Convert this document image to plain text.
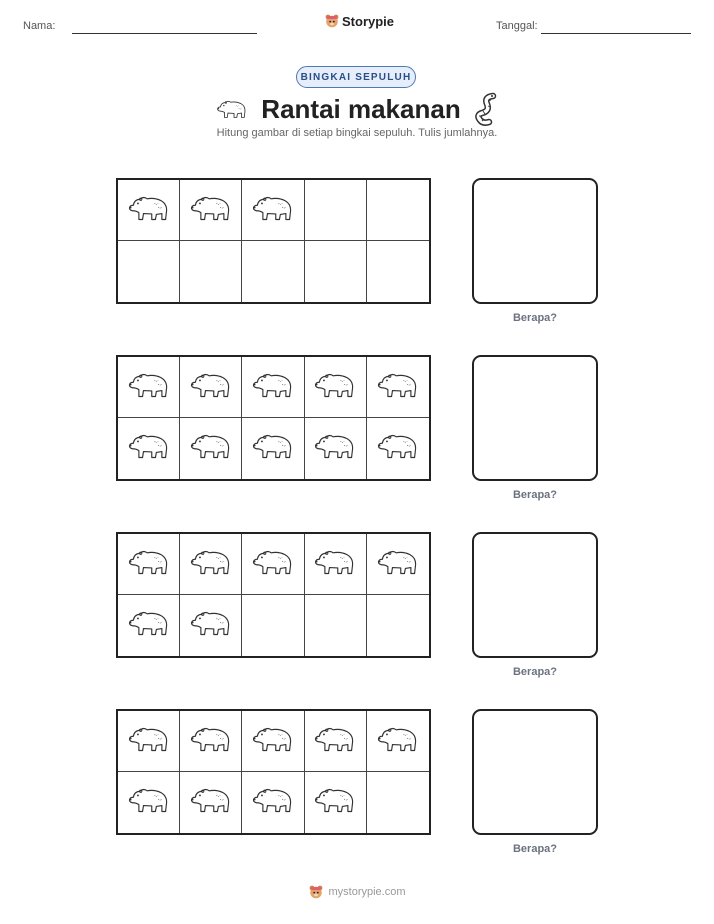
Nama:	Storypie	Tanggal:
BINGKAI SEPULUH
Rantai makanan
Hitung gambar di setiap bingkai sepuluh. Tulis jumlahnya.
Berapa?
Berapa?
Berapa?
Berapa?
mystorypie.com
